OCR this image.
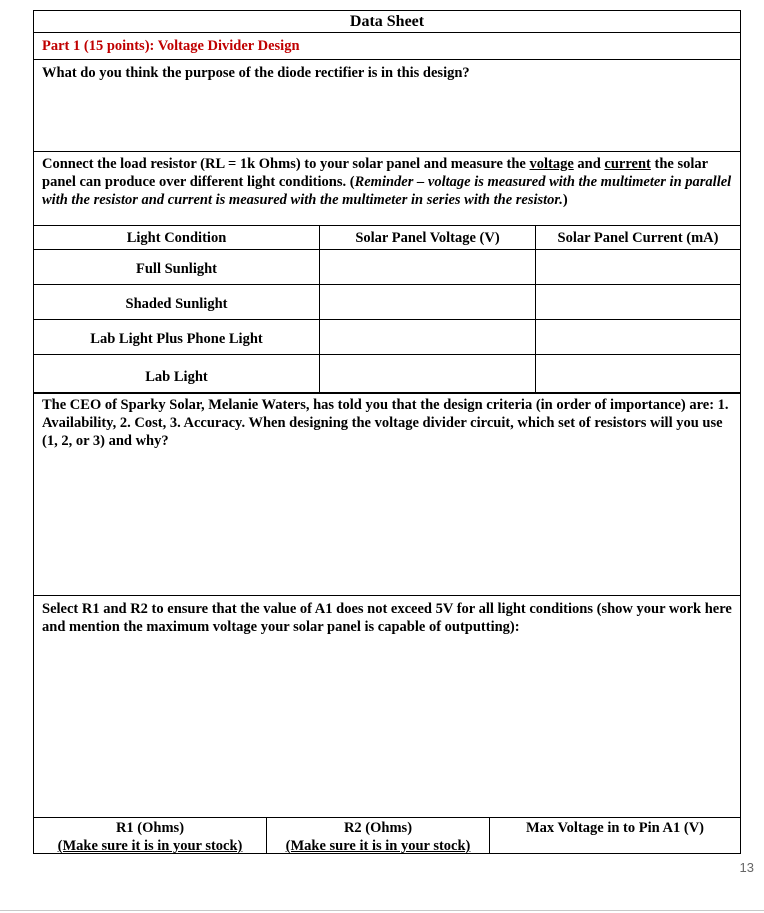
Data Sheet
Part 1 (15 points): Voltage Divider Design
What do you think the purpose of the diode rectifier is in this design?
Connect the load resistor (RL = 1k Ohms) to your solar panel and measure the voltage and current the solar panel can produce over different light conditions. (Reminder – voltage is measured with the multimeter in parallel with the resistor and current is measured with the multimeter in series with the resistor.)
Light Condition	Solar Panel Voltage (V)	Solar Panel Current (mA)
Full Sunlight
Shaded Sunlight
Lab Light Plus Phone Light
Lab Light
The CEO of Sparky Solar, Melanie Waters, has told you that the design criteria (in order of importance) are: 1. Availability, 2. Cost, 3. Accuracy. When designing the voltage divider circuit, which set of resistors will you use (1, 2, or 3) and why?
Select R1 and R2 to ensure that the value of A1 does not exceed 5V for all light conditions (show your work here and mention the maximum voltage your solar panel is capable of outputting):
R1 (Ohms)
(Make sure it is in your stock)
R2 (Ohms)
(Make sure it is in your stock)
Max Voltage in to Pin A1 (V)
13
